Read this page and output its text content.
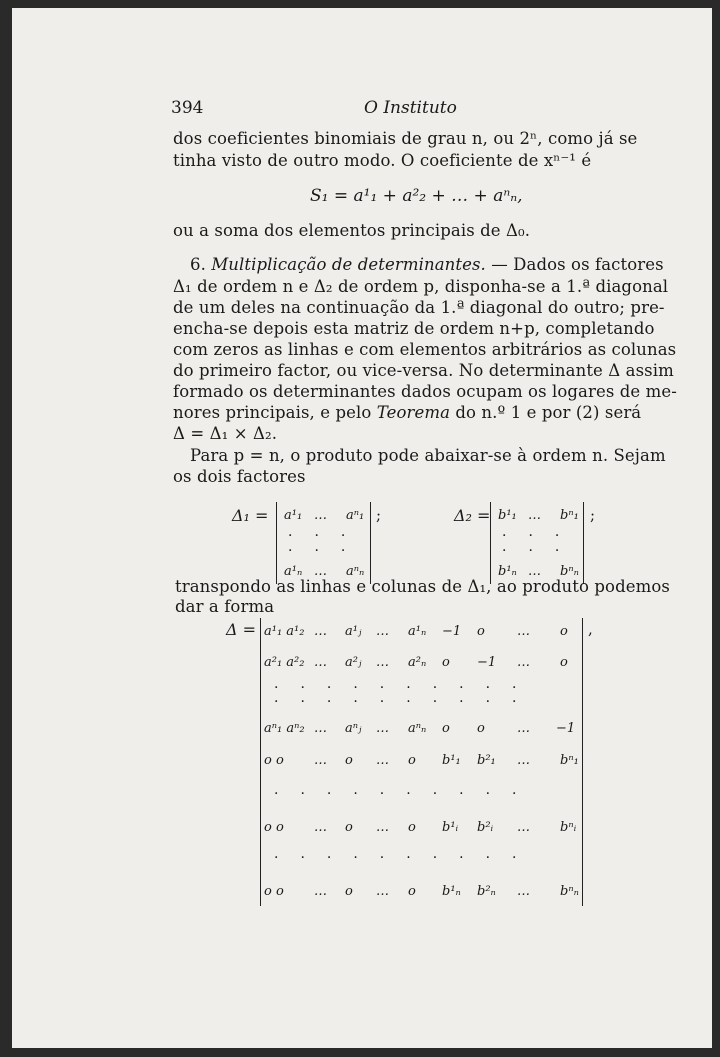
394	O Instituto
dos coeficientes binomiais de grau n, ou 2ⁿ, como já se
tinha visto de outro modo. O coeficiente de xⁿ⁻¹ é
S₁ = a¹₁ + a²₂ + … + aⁿₙ,
ou a soma dos elementos principais de Δ₀.
6. Multiplicação de determinantes. — Dados os factores
Δ₁ de ordem n e Δ₂ de ordem p, disponha-se a 1.ª diagonal
de um deles na continuação da 1.ª diagonal do outro; pre-
encha-se depois esta matriz de ordem n+p, completando
com zeros as linhas e com elementos arbitrários as colunas
do primeiro factor, ou vice-versa. No determinante Δ assim
formado os determinantes dados ocupam os logares de me-
nores principais, e pelo Teorema do n.º 1 e por (2) será
Δ = Δ₁ × Δ₂.
Para p = n, o produto pode abaixar-se à ordem n. Sejam
os dois factores
Δ₁ = a¹₁ … aⁿ₁
···
···
a¹ₙ … aⁿₙ
;	Δ₂ = b¹₁ … bⁿ₁
···
···
b¹ₙ … bⁿₙ
;
transpondo as linhas e colunas de Δ₁, ao produto podemos
dar a forma
Δ =	,
a¹₁ a¹₂ … a¹ⱼ … a¹ₙ −1 o … o
a²₁ a²₂ … a²ⱼ … a²ₙ o −1 … o
··········
··········
aⁿ₁ aⁿ₂ … aⁿⱼ … aⁿₙ o o … −1
o o … o … o b¹₁ b²₁ … bⁿ₁
··········
o o … o … o b¹ᵢ b²ᵢ … bⁿᵢ
··········
o o … o … o b¹ₙ b²ₙ … bⁿₙ
